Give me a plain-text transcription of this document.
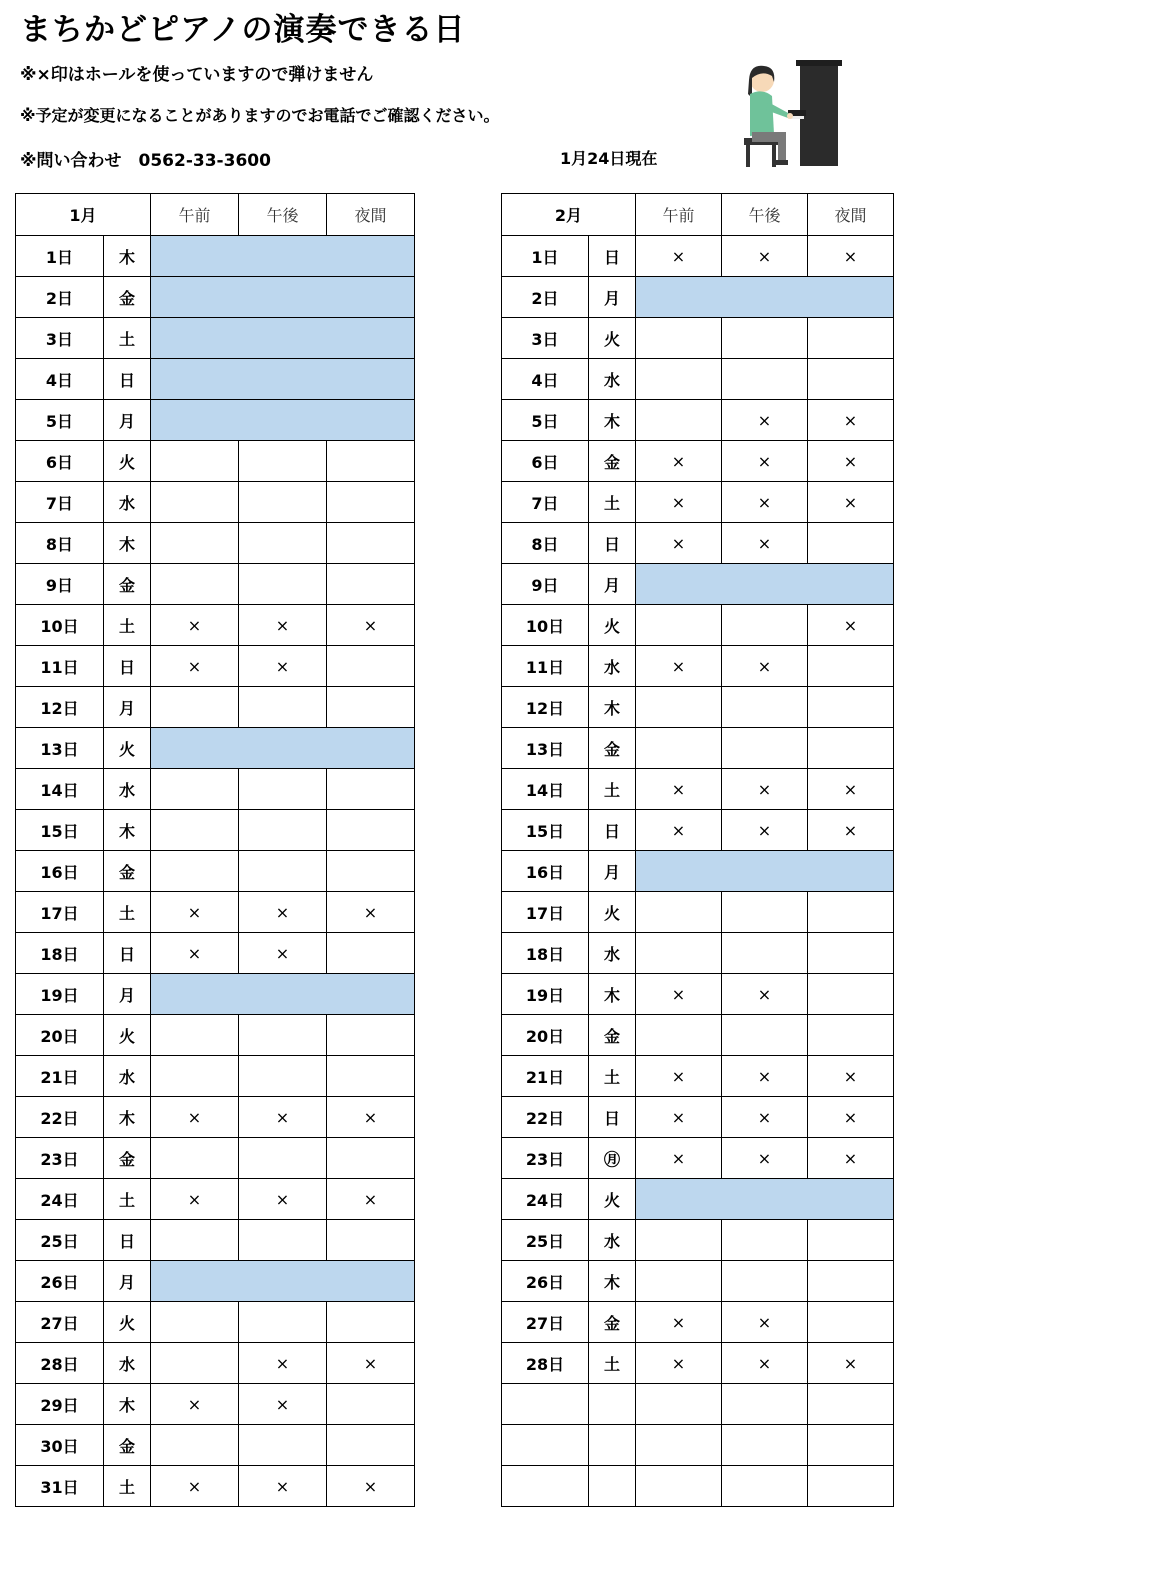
まちかどピアノの演奏できる日
※×印はホールを使っていますので弾けません
※予定が変更になることがありますのでお電話でご確認ください。
※問い合わせ　0562-33-3600	1月24日現在
1月		午前	午後	夜間
1日	木			
2日	金			
3日	土			
4日	日			
5日	月			
6日	火			
7日	水			
8日	木			
9日	金			
10日	土	×	×	×
11日	日	×	×	
12日	月			
13日	火			
14日	水			
15日	木			
16日	金			
17日	土	×	×	×
18日	日	×	×	
19日	月			
20日	火			
21日	水			
22日	木	×	×	×
23日	金			
24日	土	×	×	×
25日	日			
26日	月			
27日	火			
28日	水		×	×
29日	木	×	×	
30日	金			
31日	土	×	×	×
2月		午前	午後	夜間
1日	日	×	×	×
2日	月			
3日	火			
4日	水			
5日	木		×	×
6日	金	×	×	×
7日	土	×	×	×
8日	日	×	×	
9日	月			
10日	火			×
11日	水	×	×	
12日	木			
13日	金			
14日	土	×	×	×
15日	日	×	×	×
16日	月			
17日	火			
18日	水			
19日	木	×	×	
20日	金			
21日	土	×	×	×
22日	日	×	×	×
23日	㊊	×	×	×
24日	火			
25日	水			
26日	木			
27日	金	×	×	
28日	土	×	×	×
